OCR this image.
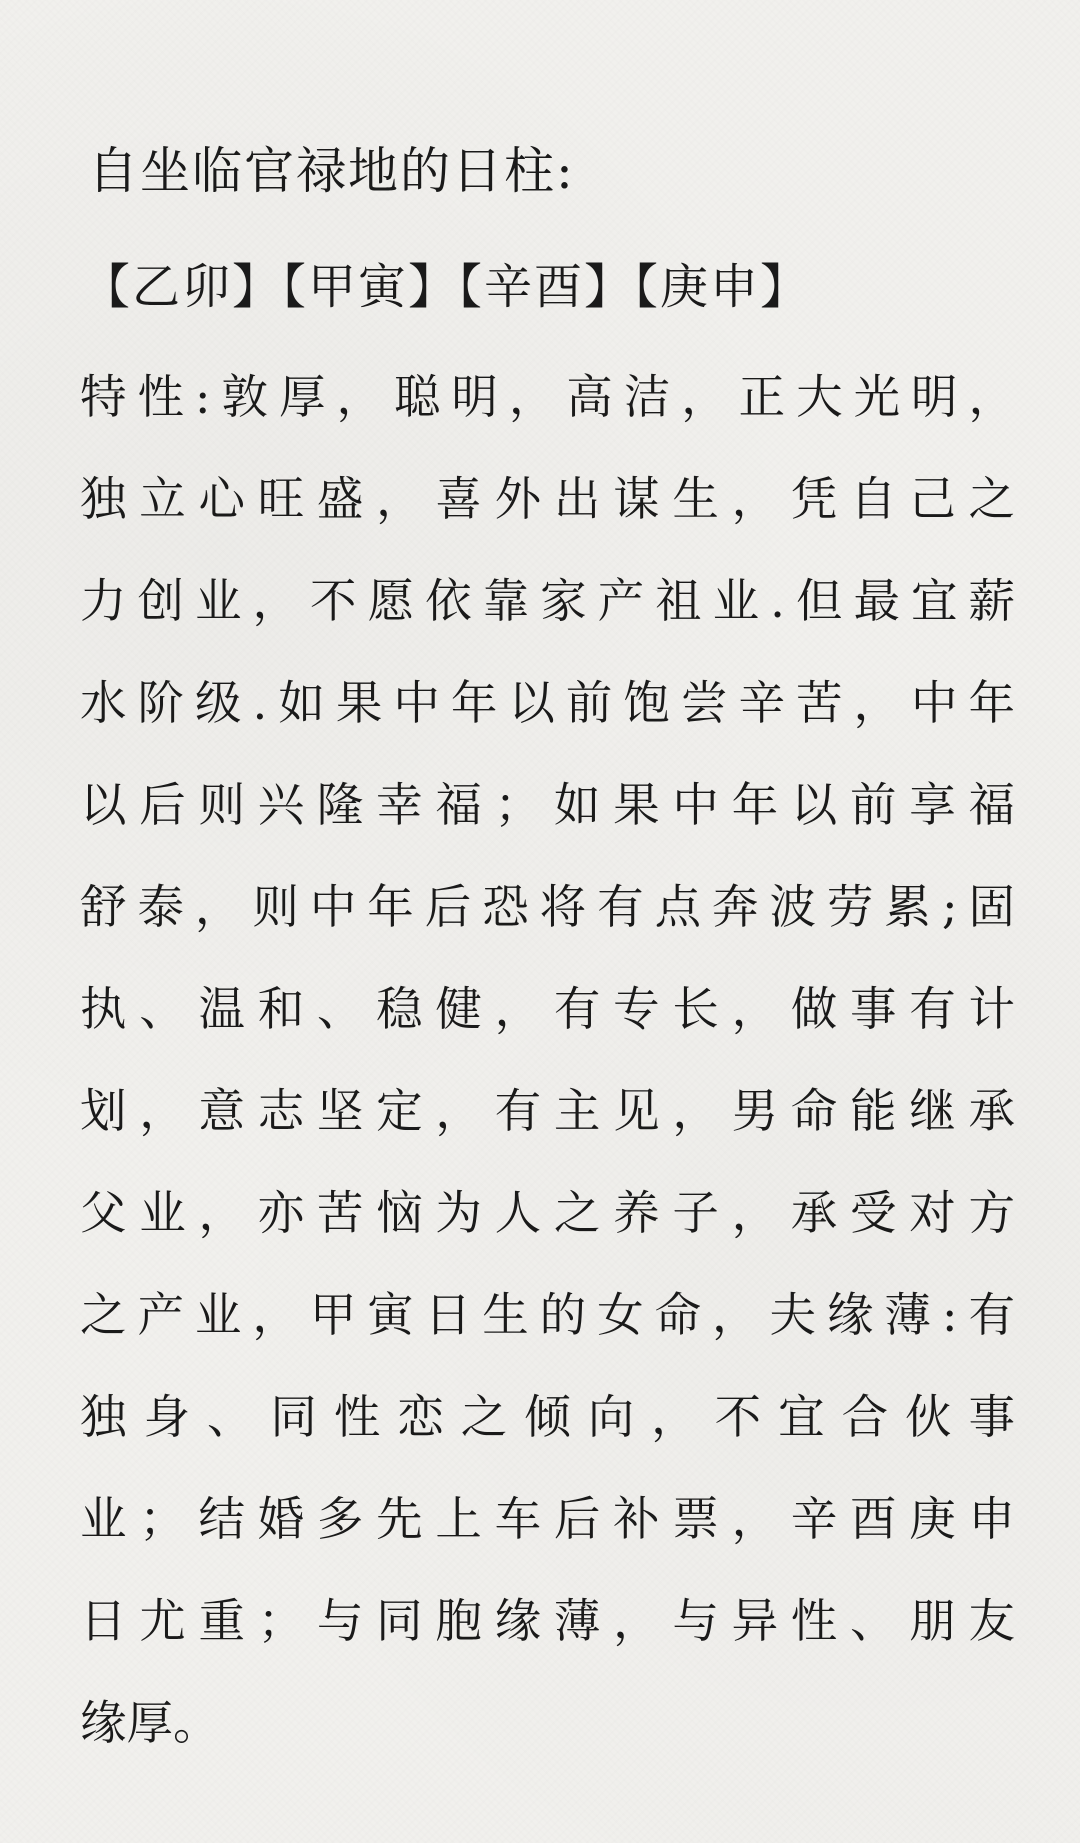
自坐临官禄地的日柱:
【乙卯】【甲寅】【辛酉】【庚申】
特性:敦厚，聪明，高洁，正大光明，
独立心旺盛，喜外出谋生，凭自己之
力创业，不愿依靠家产祖业.但最宜薪
水阶级.如果中年以前饱尝辛苦，中年
以后则兴隆幸福；如果中年以前享福
舒泰，则中年后恐将有点奔波劳累;固
执、温和、稳健，有专长，做事有计
划，意志坚定，有主见，男命能继承
父业，亦苦恼为人之养子，承受对方
之产业，甲寅日生的女命，夫缘薄:有
独身、同性恋之倾向，不宜合伙事
业；结婚多先上车后补票，辛酉庚申
日尤重；与同胞缘薄，与异性、朋友
缘厚。
